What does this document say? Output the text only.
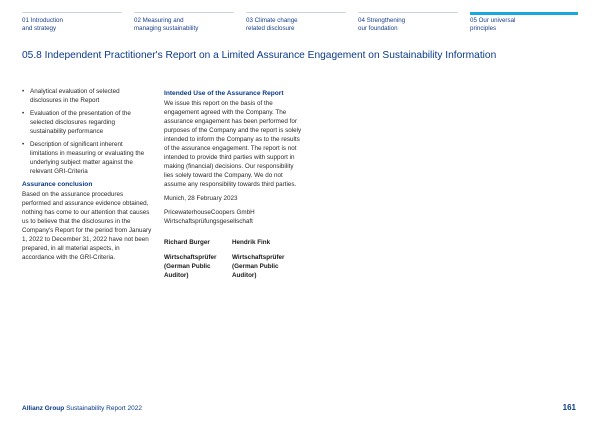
01 Introduction
and strategy
02 Measuring and
managing sustainability
03 Climate change
related disclosure
04 Strengthening
our foundation
05 Our universal
principles
05.8 Independent Practitioner's Report on a Limited Assurance Engagement on Sustainability Information
• Analytical evaluation of selected disclosures in the Report
• Evaluation of the presentation of the selected disclosures regarding sustainability performance
• Description of significant inherent limitations in measuring or evaluating the underlying subject matter against the relevant GRI-Criteria
Assurance conclusion

Based on the assurance procedures performed and assurance evidence obtained, nothing has come to our attention that causes us to believe that the disclosures in the Company's Report for the period from January 1, 2022 to December 31, 2022 have not been prepared, in all material aspects, in accordance with the GRI-Criteria.

Intended Use of the Assurance Report

We issue this report on the basis of the engagement agreed with the Company. The assurance engagement has been performed for purposes of the Company and the report is solely intended to inform the Company as to the results of the assurance engagement. The report is not intended to provide third parties with support in making (financial) decisions. Our responsibility lies solely toward the Company. We do not assume any responsibility towards third parties.

Munich, 28 February 2023

PricewaterhouseCoopers GmbH Wirtschaftsprüfungsgesellschaft

Richard Burger
Wirtschaftsprüfer (German Public Auditor)
Hendrik Fink
Wirtschaftsprüfer (German Public Auditor)
Allianz Group Sustainability Report 2022	161
